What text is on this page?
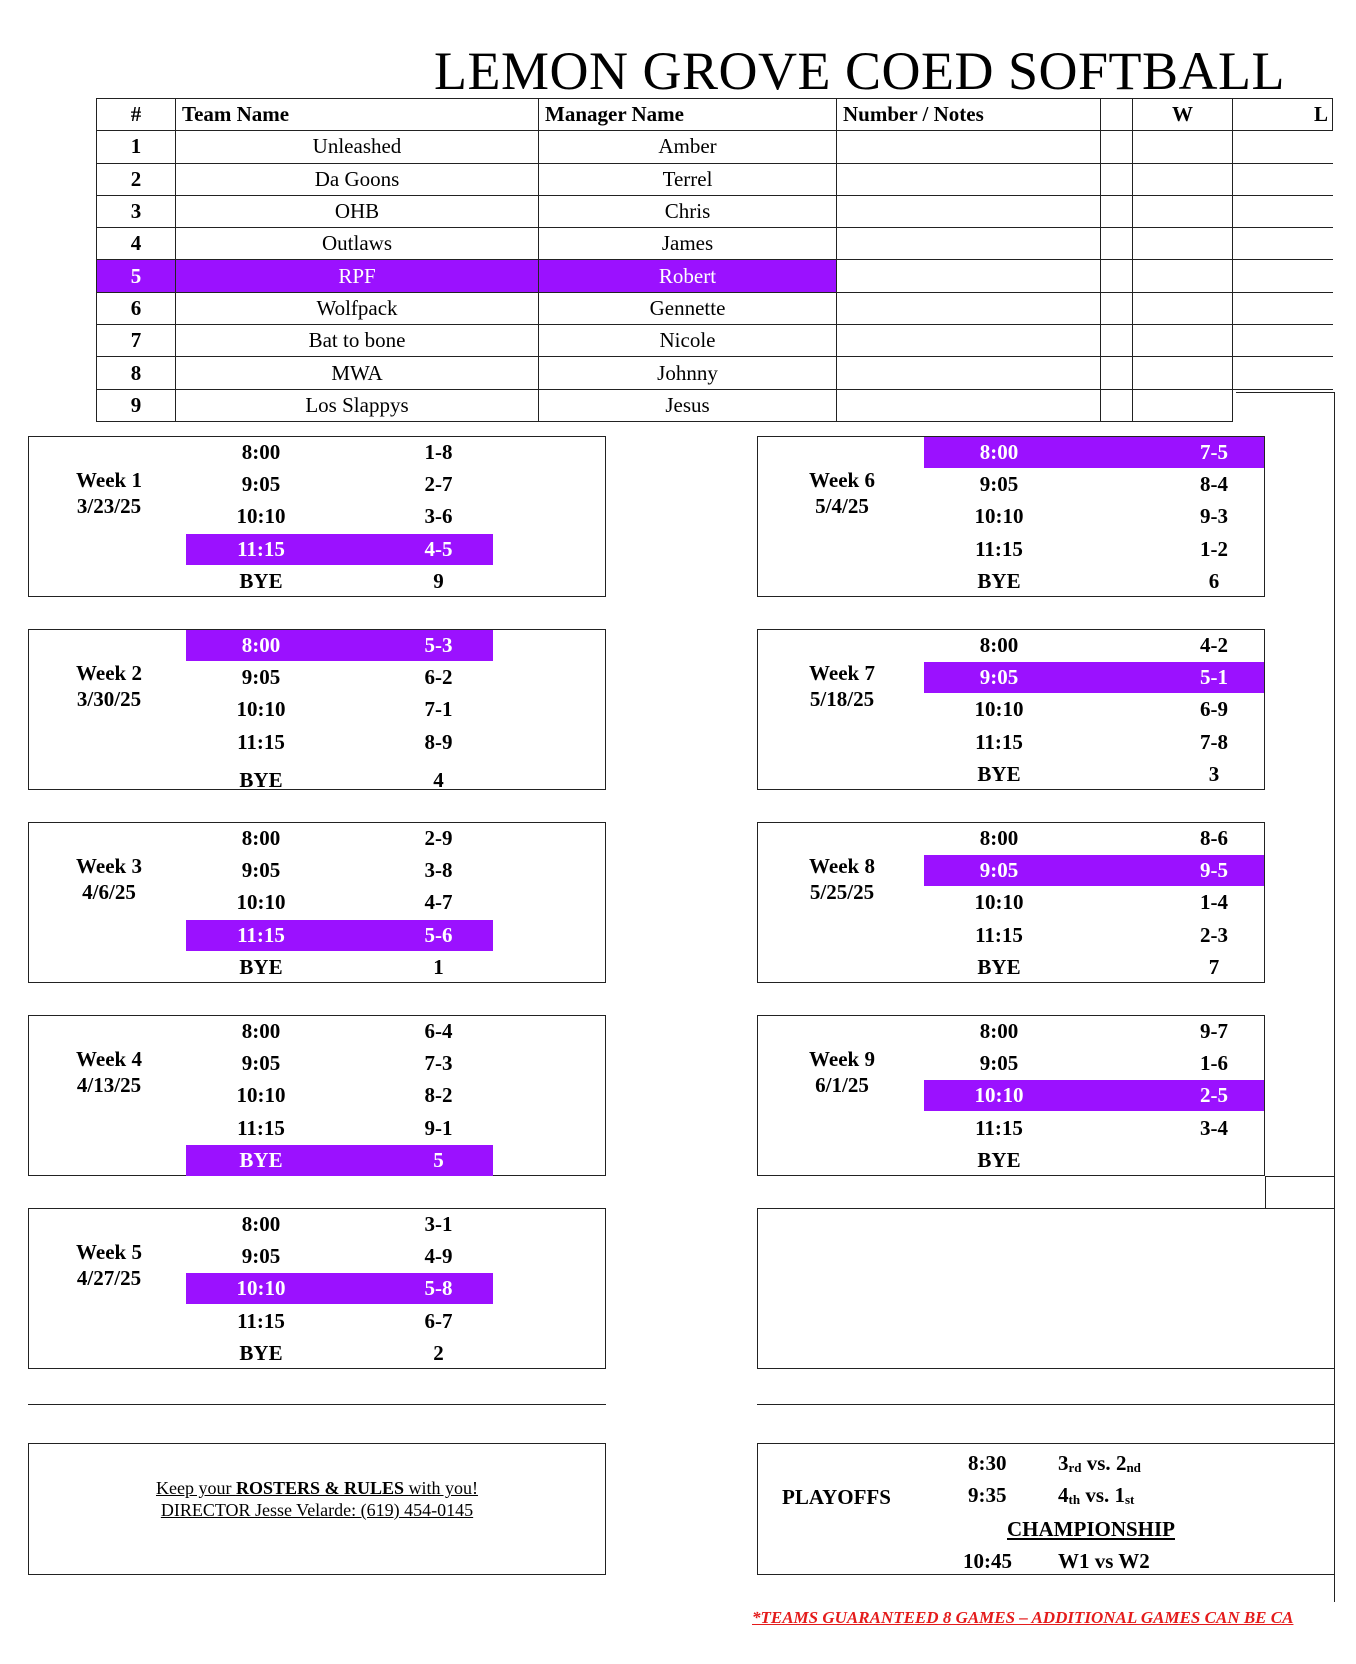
LEMON GROVE COED SOFTBALL
#	Team Name	Manager Name	Number / Notes		W	L
1	Unleashed	Amber				
2	Da Goons	Terrel				
3	OHB	Chris				
4	Outlaws	James				
5	RPF	Robert				
6	Wolfpack	Gennette				
7	Bat to bone	Nicole				
8	MWA	Johnny				
9	Los Slappys	Jesus				
Week 1
3/23/25
8:00	1-8
9:05	2-7
10:10	3-6
11:15	4-5
BYE	9
Week 2
3/30/25
8:00	5-3
9:05	6-2
10:10	7-1
11:15	8-9
BYE	4
Week 3
4/6/25
8:00	2-9
9:05	3-8
10:10	4-7
11:15	5-6
BYE	1
Week 4
4/13/25
8:00	6-4
9:05	7-3
10:10	8-2
11:15	9-1
BYE	5
Week 5
4/27/25
8:00	3-1
9:05	4-9
10:10	5-8
11:15	6-7
BYE	2
Week 6
5/4/25
8:00	7-5
9:05	8-4
10:10	9-3
11:15	1-2
BYE	6
Week 7
5/18/25
8:00	4-2
9:05	5-1
10:10	6-9
11:15	7-8
BYE	3
Week 8
5/25/25
8:00	8-6
9:05	9-5
10:10	1-4
11:15	2-3
BYE	7
Week 9
6/1/25
8:00	9-7
9:05	1-6
10:10	2-5
11:15	3-4
BYE
Keep your ROSTERS & RULES with you!
DIRECTOR Jesse Velarde: (619) 454-0145
PLAYOFFS
8:30 3rd vs. 2nd
9:35 4th vs. 1st
CHAMPIONSHIP
10:45 W1 vs W2
*TEAMS GUARANTEED 8 GAMES – ADDITIONAL GAMES CAN BE CA
